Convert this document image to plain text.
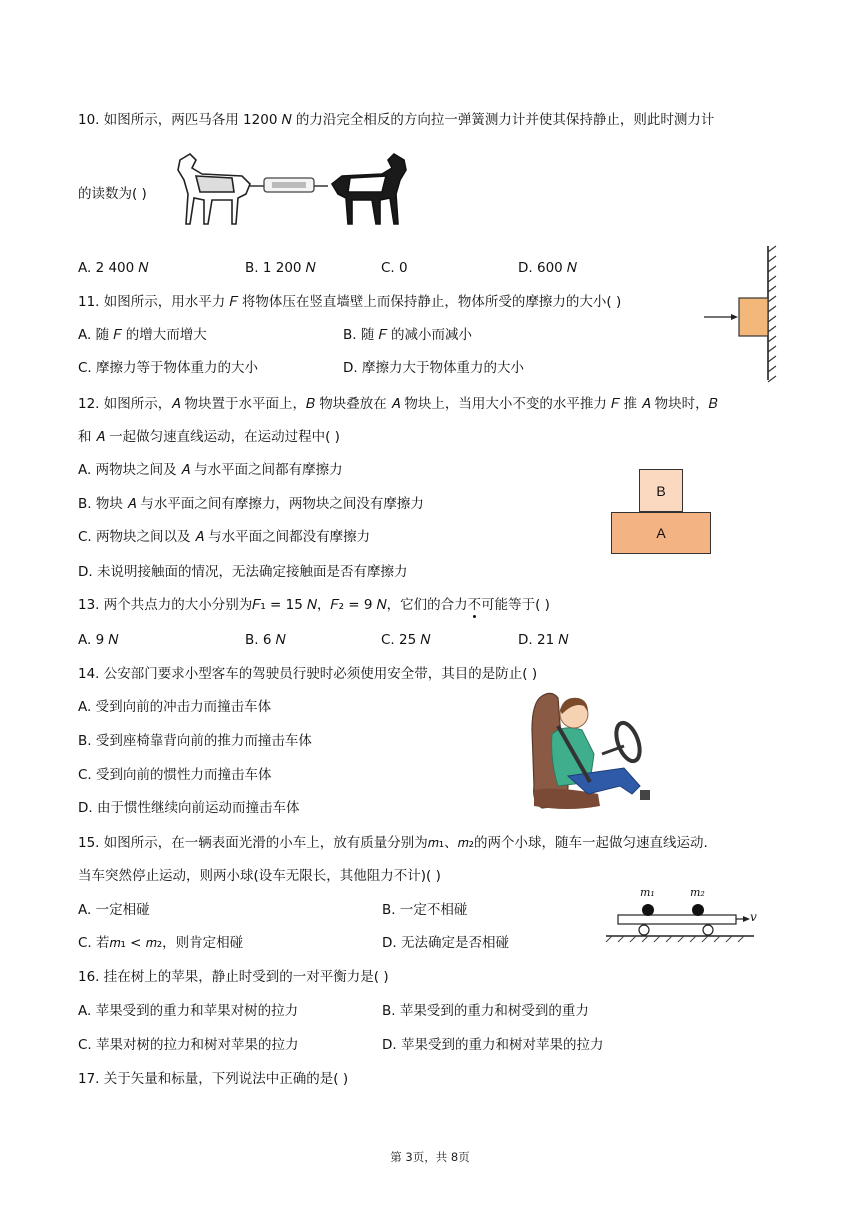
10. 如图所示，两匹马各用 1200 𝑁 的力沿完全相反的方向拉一弹簧测力计并使其保持静止，则此时测力计
的读数为( )
A. 2 400 𝑁	B. 1 200 𝑁	C. 0	D. 600 𝑁
11. 如图所示，用水平力 𝐹 将物体压在竖直墙壁上而保持静止，物体所受的摩擦力的大小( )
A. 随 𝐹 的增大而增大	B. 随 𝐹 的减小而减小
C. 摩擦力等于物体重力的大小	D. 摩擦力大于物体重力的大小
12. 如图所示，𝐴 物块置于水平面上，𝐵 物块叠放在 𝐴 物块上，当用大小不变的水平推力 𝐹 推 𝐴 物块时，𝐵
和 𝐴 一起做匀速直线运动，在运动过程中( )
A. 两物块之间及 𝐴 与水平面之间都有摩擦力
B. 物块 𝐴 与水平面之间有摩擦力，两物块之间没有摩擦力
C. 两物块之间以及 𝐴 与水平面之间都没有摩擦力
D. 未说明接触面的情况，无法确定接触面是否有摩擦力
B
A
13. 两个共点力的大小分别为𝐹₁ = 15 𝑁，𝐹₂ = 9 𝑁，它们的合力不可能等于( )
A. 9 𝑁	B. 6 𝑁	C. 25 𝑁	D. 21 𝑁
14. 公安部门要求小型客车的驾驶员行驶时必须使用安全带，其目的是防止( )
A. 受到向前的冲击力而撞击车体
B. 受到座椅靠背向前的推力而撞击车体
C. 受到向前的惯性力而撞击车体
D. 由于惯性继续向前运动而撞击车体
15. 如图所示，在一辆表面光滑的小车上，放有质量分别为𝑚₁、𝑚₂的两个小球，随车一起做匀速直线运动.
当车突然停止运动，则两小球(设车无限长，其他阻力不计)( )
A. 一定相碰	B. 一定不相碰
C. 若𝑚₁ < 𝑚₂，则肯定相碰	D. 无法确定是否相碰
m₁	m₂
v
16. 挂在树上的苹果，静止时受到的一对平衡力是( )
A. 苹果受到的重力和苹果对树的拉力	B. 苹果受到的重力和树受到的重力
C. 苹果对树的拉力和树对苹果的拉力	D. 苹果受到的重力和树对苹果的拉力
17. 关于矢量和标量，下列说法中正确的是( )
第 3页，共 8页
